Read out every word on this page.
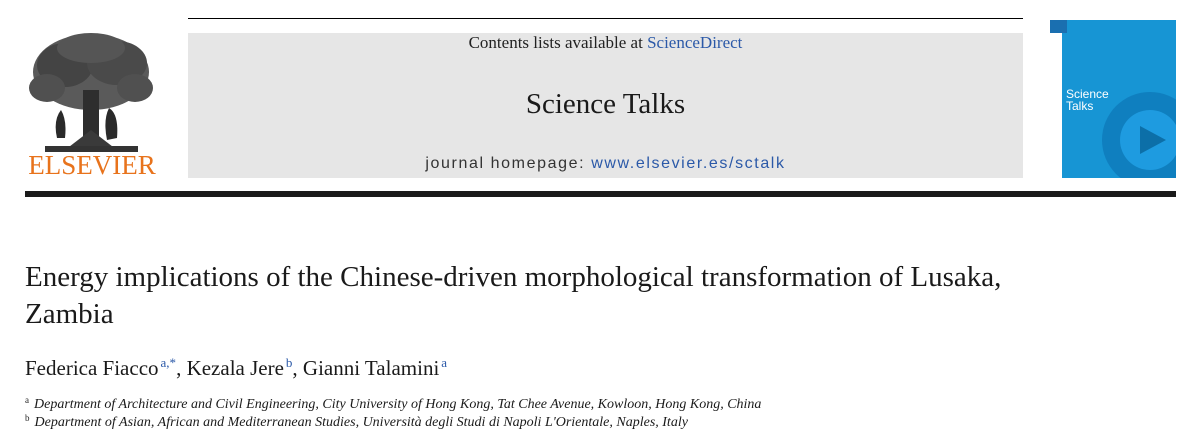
ELSEVIER
Contents lists available at ScienceDirect
Science Talks
journal homepage: www.elsevier.es/sctalk
Science
Talks
Energy implications of the Chinese-driven morphological transformation of Lusaka, Zambia
Federica Fiacco $^{a,*}$, Kezala Jere $^b$, Gianni Talamini $^a$
$^a$ Department of Architecture and Civil Engineering, City University of Hong Kong, Tat Chee Avenue, Kowloon, Hong Kong, China
$^b$ Department of Asian, African and Mediterranean Studies, Università degli Studi di Napoli L'Orientale, Naples, Italy
